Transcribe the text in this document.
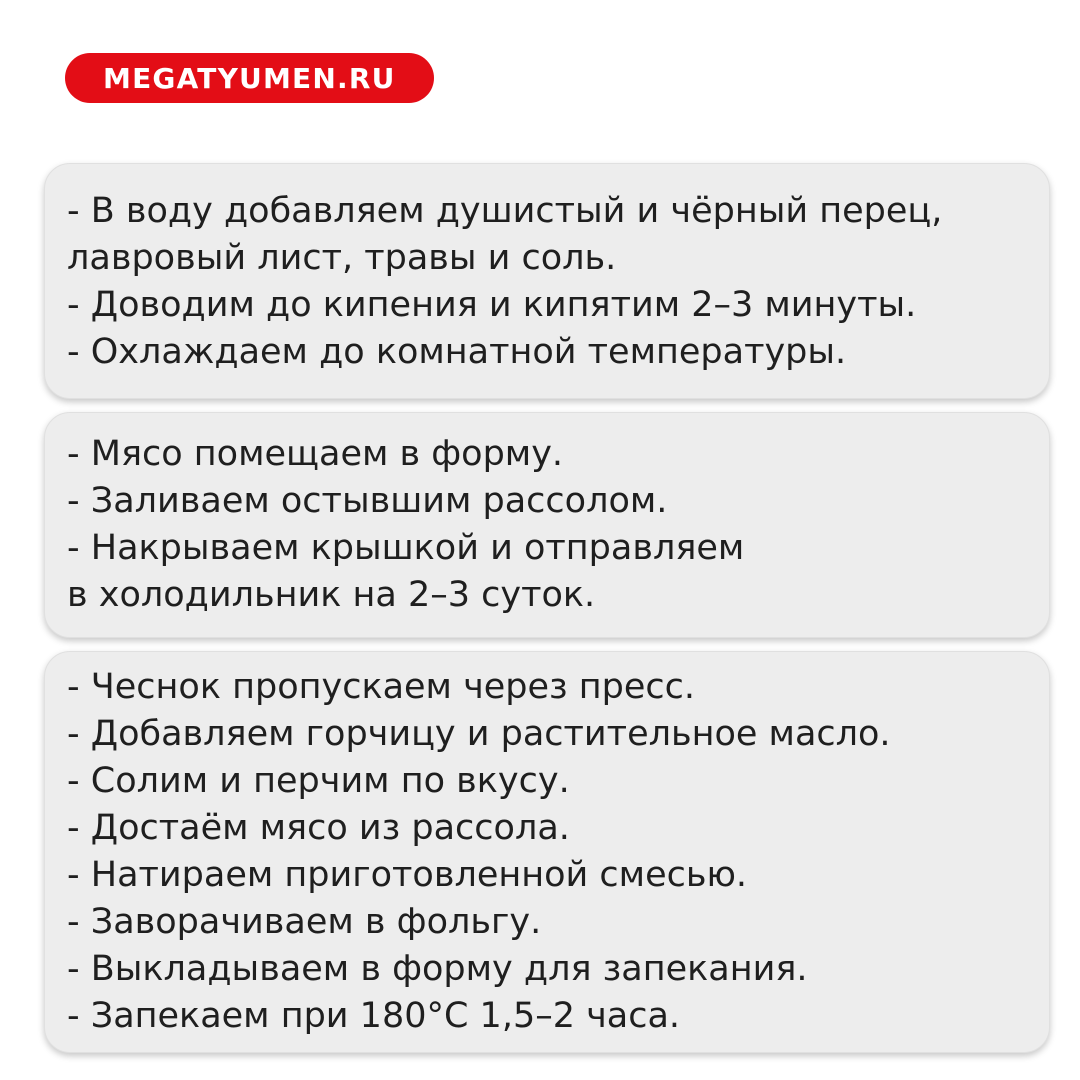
MEGATYUMEN.RU
- В воду добавляем душистый и чёрный перец,
лавровый лист, травы и соль.
- Доводим до кипения и кипятим 2–3 минуты.
- Охлаждаем до комнатной температуры.
- Мясо помещаем в форму.
- Заливаем остывшим рассолом.
- Накрываем крышкой и отправляем
в холодильник на 2–3 суток.
- Чеснок пропускаем через пресс.
- Добавляем горчицу и растительное масло.
- Солим и перчим по вкусу.
- Достаём мясо из рассола.
- Натираем приготовленной смесью.
- Заворачиваем в фольгу.
- Выкладываем в форму для запекания.
- Запекаем при 180°C 1,5–2 часа.
